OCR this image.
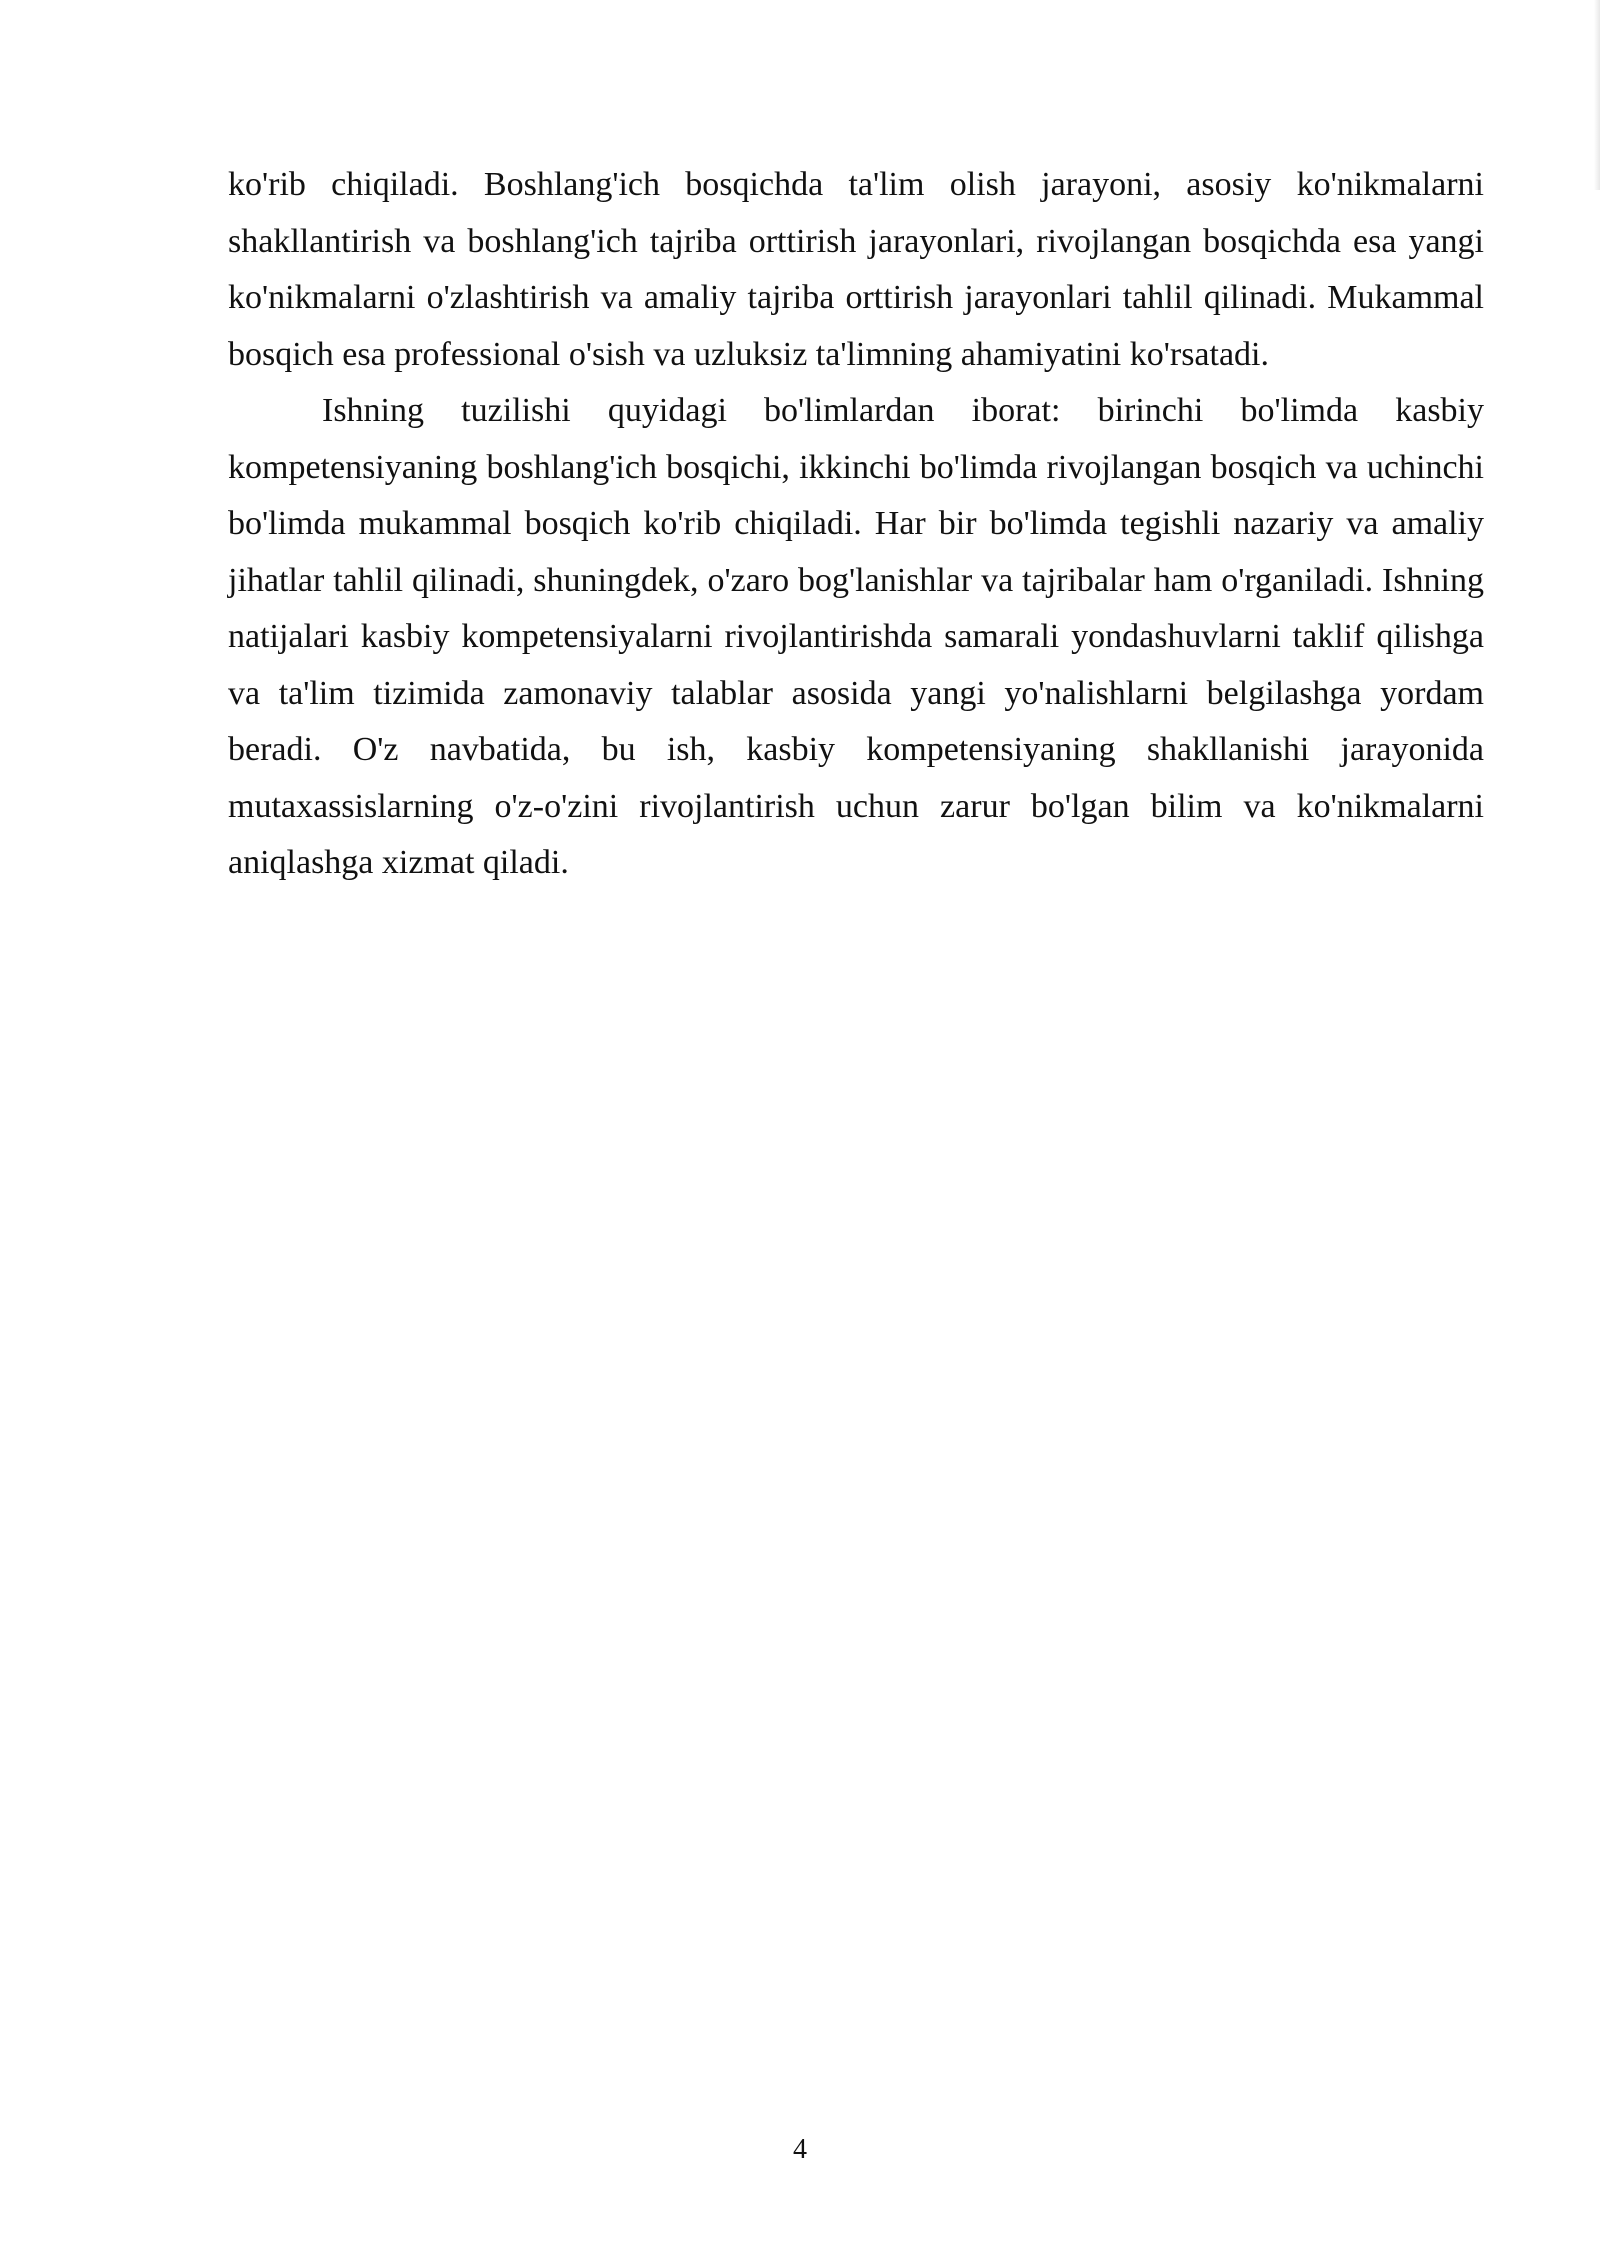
ko'rib chiqiladi. Boshlang'ich bosqichda ta'lim olish jarayoni, asosiy ko'nikmalarni shakllantirish va boshlang'ich tajriba orttirish jarayonlari, rivojlangan bosqichda esa yangi ko'nikmalarni o'zlashtirish va amaliy tajriba orttirish jarayonlari tahlil qilinadi. Mukammal bosqich esa professional o'sish va uzluksiz ta'limning ahamiyatini ko'rsatadi.

Ishning tuzilishi quyidagi bo'limlardan iborat: birinchi bo'limda kasbiy kompetensiyaning boshlang'ich bosqichi, ikkinchi bo'limda rivojlangan bosqich va uchinchi bo'limda mukammal bosqich ko'rib chiqiladi. Har bir bo'limda tegishli nazariy va amaliy jihatlar tahlil qilinadi, shuningdek, o'zaro bog'lanishlar va tajribalar ham o'rganiladi. Ishning natijalari kasbiy kompetensiyalarni rivojlantirishda samarali yondashuvlarni taklif qilishga va ta'lim tizimida zamonaviy talablar asosida yangi yo'nalishlarni belgilashga yordam beradi. O'z navbatida, bu ish, kasbiy kompetensiyaning shakllanishi jarayonida mutaxassislarning o'z-o'zini rivojlantirish uchun zarur bo'lgan bilim va ko'nikmalarni aniqlashga xizmat qiladi.

4
